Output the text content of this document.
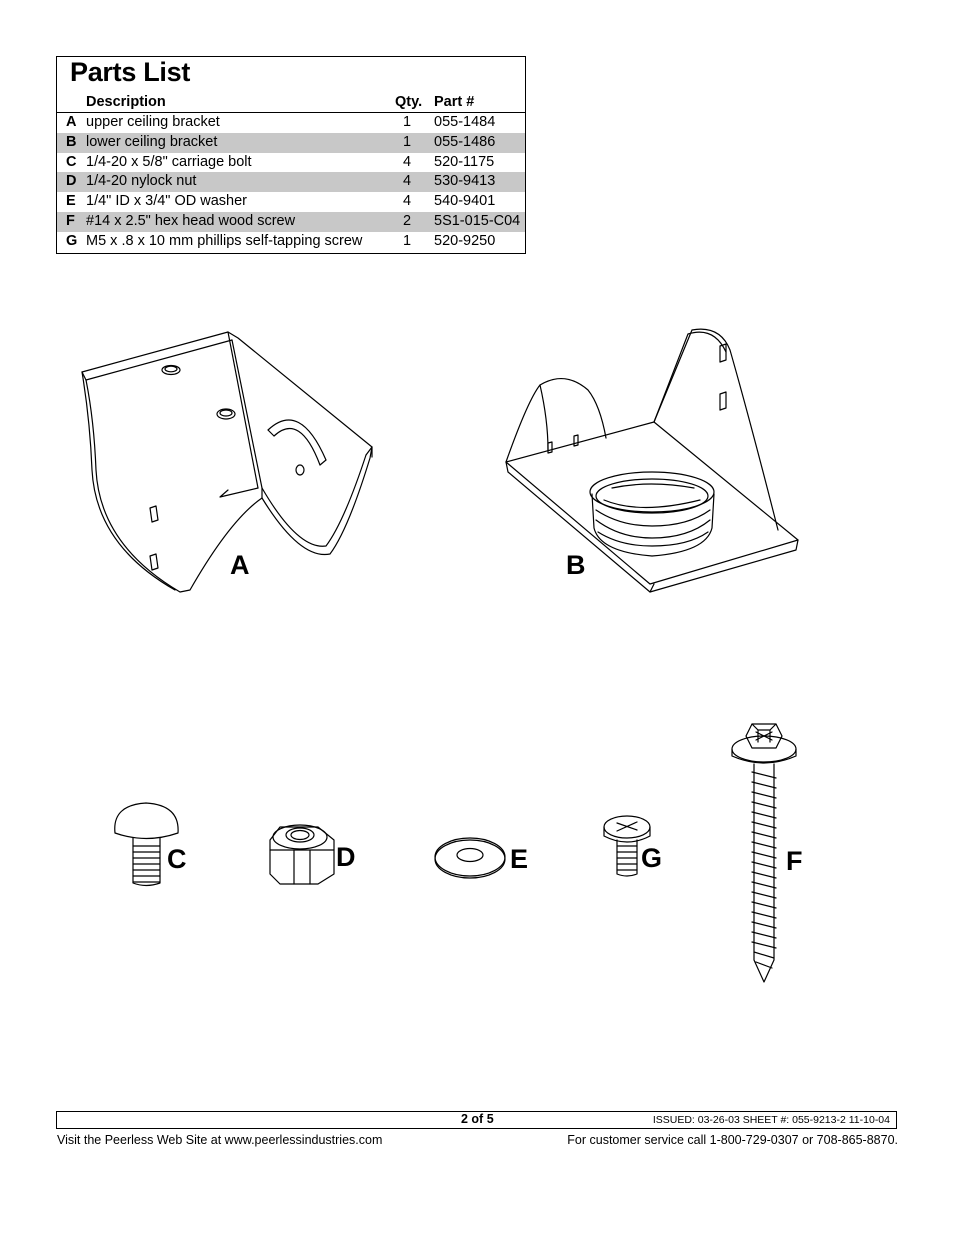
Parts List
Description	Qty. Part #
A upper ceiling bracket	1 055-1484
B lower ceiling bracket	1 055-1486
C 1/4-20 x 5/8" carriage bolt	4 520-1175
D 1/4-20 nylock nut	4 530-9413
E 1/4" ID x 3/4" OD washer	4 540-9401
F #14 x 2.5" hex head wood screw	2 5S1-015-C04
G M5 x .8 x 10 mm phillips self-tapping screw	1 520-9250
A	B
C	D	E	G	F
2 of 5	ISSUED: 03-26-03 SHEET #: 055-9213-2 11-10-04
Visit the Peerless Web Site at www.peerlessindustries.com	For customer service call 1-800-729-0307 or 708-865-8870.
